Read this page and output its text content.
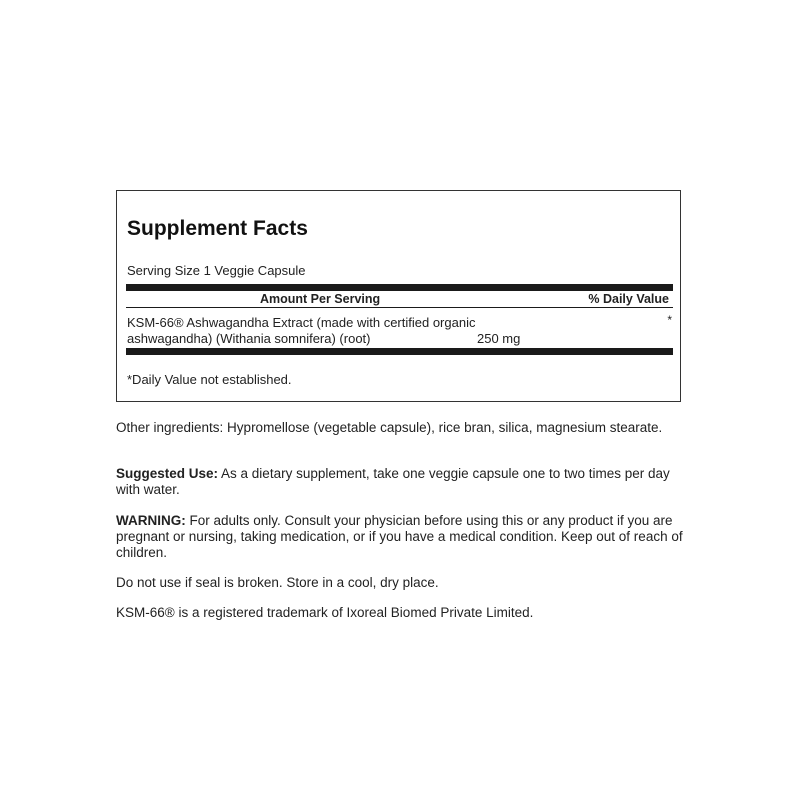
Supplement Facts
Serving Size 1 Veggie Capsule
Amount Per Serving	% Daily Value
KSM-66® Ashwagandha Extract (made with certified organic ashwagandha) (Withania somnifera) (root)	250 mg
*
*Daily Value not established.
Other ingredients: Hypromellose (vegetable capsule), rice bran, silica, magnesium stearate.
Suggested Use: As a dietary supplement, take one veggie capsule one to two times per day with water.
WARNING: For adults only. Consult your physician before using this or any product if you are pregnant or nursing, taking medication, or if you have a medical condition. Keep out of reach of children.
Do not use if seal is broken. Store in a cool, dry place.
KSM-66® is a registered trademark of Ixoreal Biomed Private Limited.
